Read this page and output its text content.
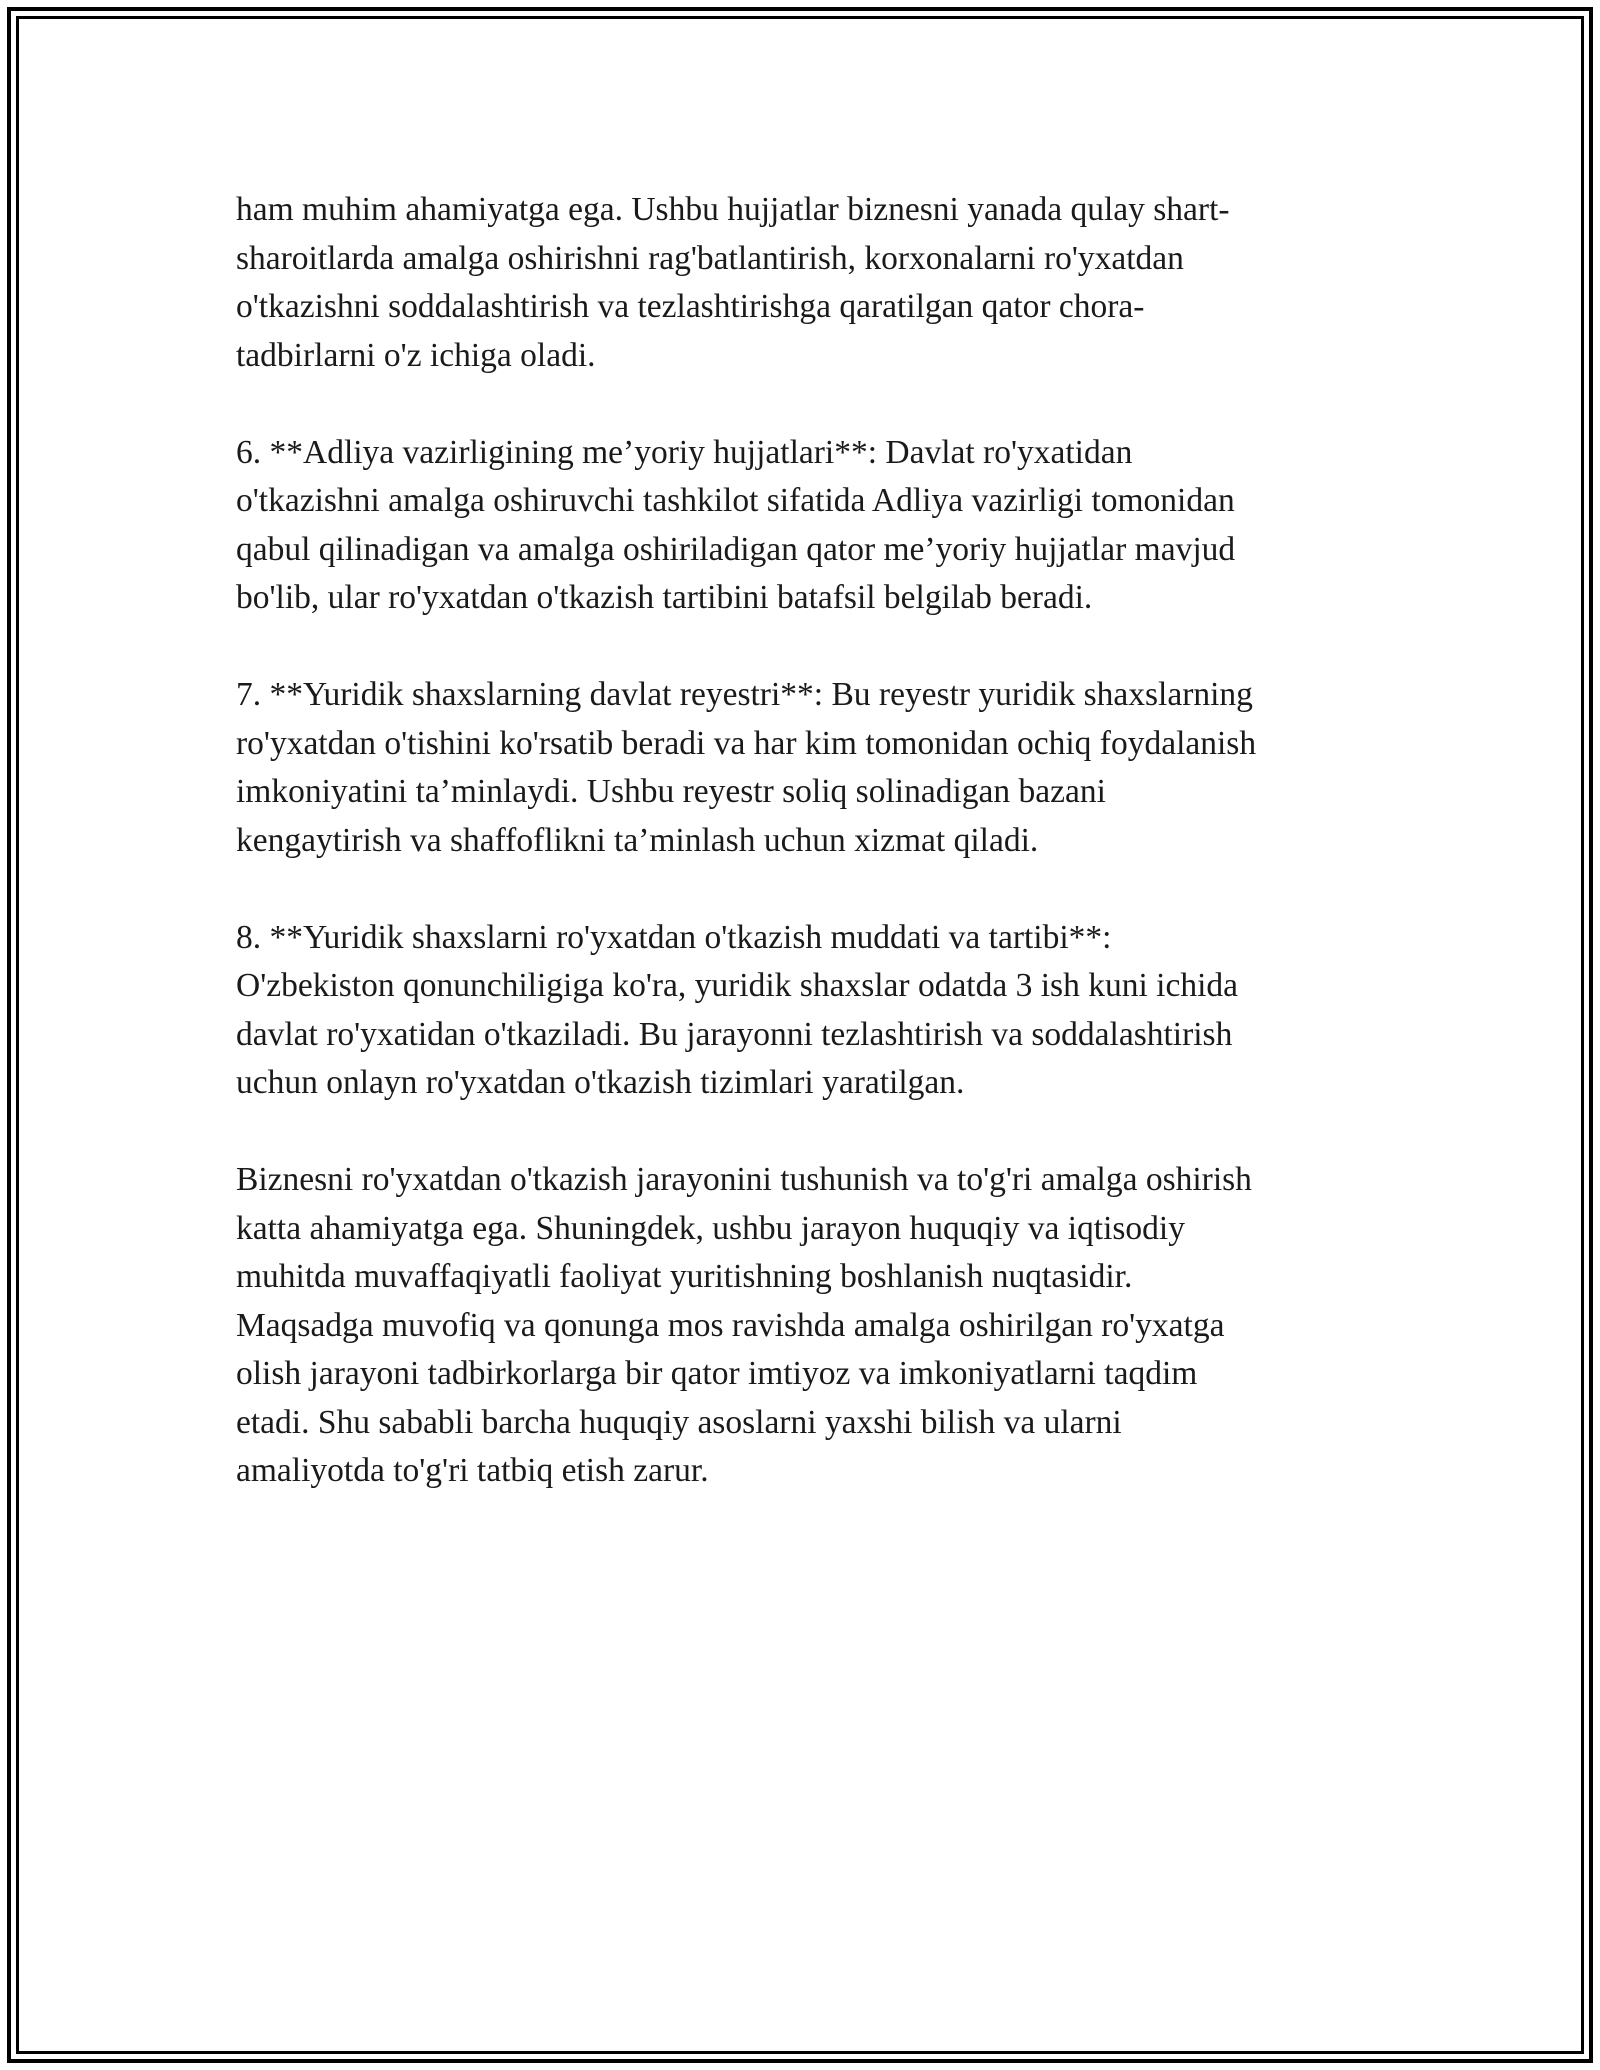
ham muhim ahamiyatga ega. Ushbu hujjatlar biznesni yanada qulay shart-
sharoitlarda amalga oshirishni rag'batlantirish, korxonalarni ro'yxatdan
o'tkazishni soddalashtirish va tezlashtirishga qaratilgan qator chora-
tadbirlarni o'z ichiga oladi.

6. **Adliya vazirligining me’yoriy hujjatlari**: Davlat ro'yxatidan
o'tkazishni amalga oshiruvchi tashkilot sifatida Adliya vazirligi tomonidan
qabul qilinadigan va amalga oshiriladigan qator me’yoriy hujjatlar mavjud
bo'lib, ular ro'yxatdan o'tkazish tartibini batafsil belgilab beradi.

7. **Yuridik shaxslarning davlat reyestri**: Bu reyestr yuridik shaxslarning
ro'yxatdan o'tishini ko'rsatib beradi va har kim tomonidan ochiq foydalanish
imkoniyatini ta’minlaydi. Ushbu reyestr soliq solinadigan bazani
kengaytirish va shaffoflikni ta’minlash uchun xizmat qiladi.

8. **Yuridik shaxslarni ro'yxatdan o'tkazish muddati va tartibi**:
O'zbekiston qonunchiligiga ko'ra, yuridik shaxslar odatda 3 ish kuni ichida
davlat ro'yxatidan o'tkaziladi. Bu jarayonni tezlashtirish va soddalashtirish
uchun onlayn ro'yxatdan o'tkazish tizimlari yaratilgan.

Biznesni ro'yxatdan o'tkazish jarayonini tushunish va to'g'ri amalga oshirish
katta ahamiyatga ega. Shuningdek, ushbu jarayon huquqiy va iqtisodiy
muhitda muvaffaqiyatli faoliyat yuritishning boshlanish nuqtasidir.
Maqsadga muvofiq va qonunga mos ravishda amalga oshirilgan ro'yxatga
olish jarayoni tadbirkorlarga bir qator imtiyoz va imkoniyatlarni taqdim
etadi. Shu sababli barcha huquqiy asoslarni yaxshi bilish va ularni
amaliyotda to'g'ri tatbiq etish zarur.
